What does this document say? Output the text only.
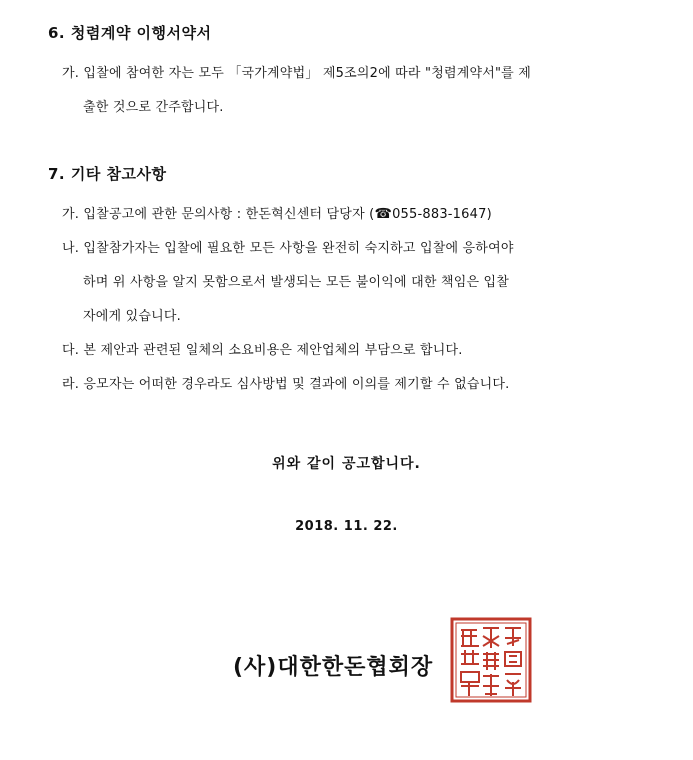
6. 청렴계약 이행서약서
가. 입찰에 참여한 자는 모두 「국가계약법」 제5조의2에 따라 "청렴계약서"를 제
출한 것으로 간주합니다.
7. 기타 참고사항
가. 입찰공고에 관한 문의사항 : 한돈혁신센터 담당자 (☎055-883-1647)
나. 입찰참가자는 입찰에 필요한 모든 사항을 완전히 숙지하고 입찰에 응하여야
하며 위 사항을 알지 못함으로서 발생되는 모든 불이익에 대한 책임은 입찰
자에게 있습니다.
다. 본 제안과 관련된 일체의 소요비용은 제안업체의 부담으로 합니다.
라. 응모자는 어떠한 경우라도 심사방법 및 결과에 이의를 제기할 수 없습니다.
위와 같이 공고합니다.
2018. 11. 22.
(사)대한한돈협회장
